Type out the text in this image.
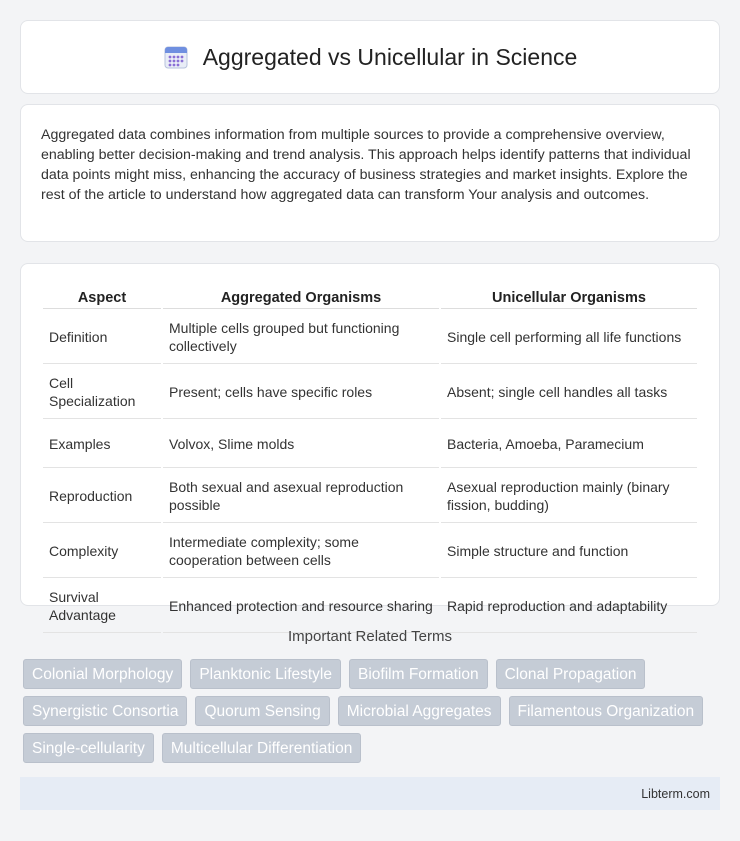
Aggregated vs Unicellular in Science

Aggregated data combines information from multiple sources to provide a comprehensive overview, enabling better decision-making and trend analysis. This approach helps identify patterns that individual data points might miss, enhancing the accuracy of business strategies and market insights. Explore the rest of the article to understand how aggregated data can transform Your analysis and outcomes.

Aspect	Aggregated Organisms	Unicellular Organisms
Definition	Multiple cells grouped but functioning collectively	Single cell performing all life functions
Cell Specialization	Present; cells have specific roles	Absent; single cell handles all tasks
Examples	Volvox, Slime molds	Bacteria, Amoeba, Paramecium
Reproduction	Both sexual and asexual reproduction possible	Asexual reproduction mainly (binary fission, budding)
Complexity	Intermediate complexity; some cooperation between cells	Simple structure and function
Survival Advantage	Enhanced protection and resource sharing	Rapid reproduction and adaptability
Important Related Terms
Colonial Morphology	Planktonic Lifestyle	Biofilm Formation	Clonal Propagation
Synergistic Consortia	Quorum Sensing	Microbial Aggregates	Filamentous Organization
Single-cellularity	Multicellular Differentiation
Libterm.com
